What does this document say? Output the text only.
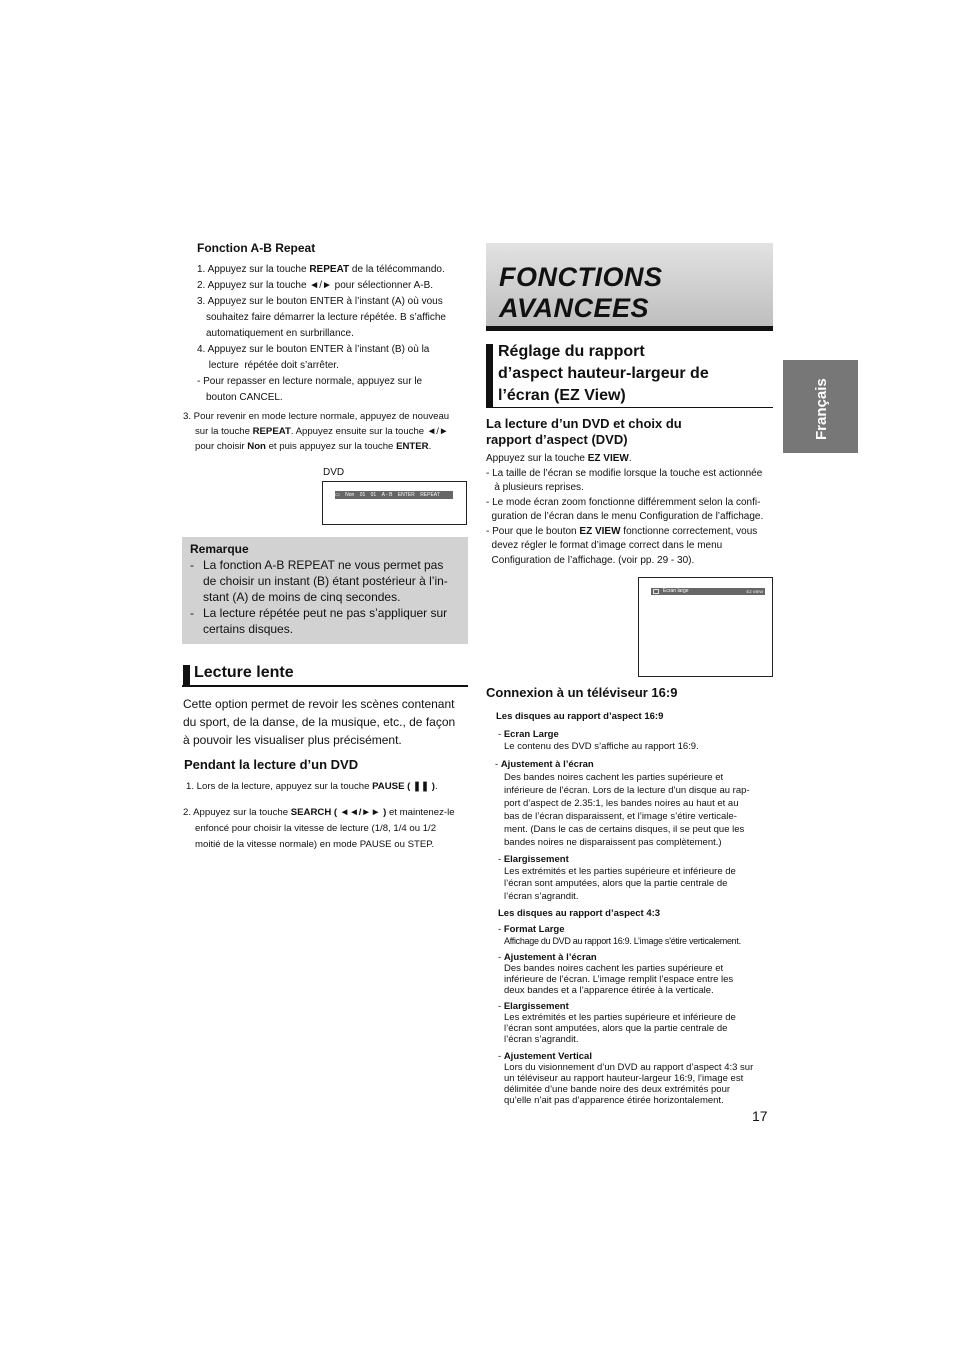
Fonction A-B Repeat
1. Appuyez sur la touche REPEAT de la télécommando.
2. Appuyez sur la touche ◄/► pour sélectionner A-B.
3. Appuyez sur le bouton ENTER à l’instant (A) où vous
souhaitez faire démarrer la lecture répétée. B s’affiche
automatiquement en surbrillance.
4. Appuyez sur le bouton ENTER à l’instant (B) où la
lecture  répétée doit s’arrêter.
- Pour repasser en lecture normale, appuyez sur le
bouton CANCEL.
3. Pour revenir en mode lecture normale, appuyez de nouveau
sur la touche REPEAT. Appuyez ensuite sur la touche ◄/►
pour choisir Non et puis appuyez sur la touche ENTER.
DVD
▭ Non 01 01 A - B ENTER REPEAT
Remarque
- La fonction A-B REPEAT ne vous permet pas
de choisir un instant (B) étant postérieur à l’in-
stant (A) de moins de cinq secondes.
- La lecture répétée peut ne pas s’appliquer sur
certains disques.
Lecture lente
Cette option permet de revoir les scènes contenant
du sport, de la danse, de la musique, etc., de façon
à pouvoir les visualiser plus précisément.
Pendant la lecture d’un DVD
1. Lors de la lecture, appuyez sur la touche PAUSE ( ❚❚ ).
2. Appuyez sur la touche SEARCH ( ◄◄/►► ) et maintenez-le
enfoncé pour choisir la vitesse de lecture (1/8, 1/4 ou 1/2
moitié de la vitesse normale) en mode PAUSE ou STEP.
FONCTIONS
AVANCEES
Réglage du rapport
d’aspect hauteur-largeur de
l’écran (EZ View)	Français
La lecture d’un DVD et choix du
rapport d’aspect (DVD)
Appuyez sur la touche EZ VIEW.
- La taille de l’écran se modifie lorsque la touche est actionnée
à plusieurs reprises.
- Le mode écran zoom fonctionne différemment selon la confi-
guration de l’écran dans le menu Configuration de l’affichage.
- Pour que le bouton EZ VIEW fonctionne correctement, vous
devez régler le format d’image correct dans le menu
Configuration de l’affichage. (voir pp. 29 - 30).
Ecran large	EZ VIEW
Connexion à un téléviseur 16:9
Les disques au rapport d’aspect 16:9
- Ecran Large
Le contenu des DVD s’affiche au rapport 16:9.
- Ajustement à l’écran
Des bandes noires cachent les parties supérieure et
inférieure de l’écran. Lors de la lecture d’un disque au rap-
port d’aspect de 2.35:1, les bandes noires au haut et au
bas de l’écran disparaissent, et l’image s’étire verticale-
ment. (Dans le cas de certains disques, il se peut que les
bandes noires ne disparaissent pas complètement.)
- Elargissement
Les extrémités et les parties supérieure et inférieure de
l’écran sont amputées, alors que la partie centrale de
l’écran s’agrandit.
Les disques au rapport d’aspect 4:3
- Format Large
Affichage du DVD au rapport 16:9. L’image s’étire verticalement.
- Ajustement à l’écran
Des bandes noires cachent les parties supérieure et
inférieure de l’écran. L’image remplit l’espace entre les
deux bandes et a l’apparence étirée à la verticale.
- Elargissement
Les extrémités et les parties supérieure et inférieure de
l’écran sont amputées, alors que la partie centrale de
l’écran s’agrandit.
- Ajustement Vertical
Lors du visionnement d’un DVD au rapport d’aspect 4:3 sur
un téléviseur au rapport hauteur-largeur 16:9, l’image est
délimitée d’une bande noire des deux extrémités pour
qu’elle n’ait pas d’apparence étirée horizontalement.
17
